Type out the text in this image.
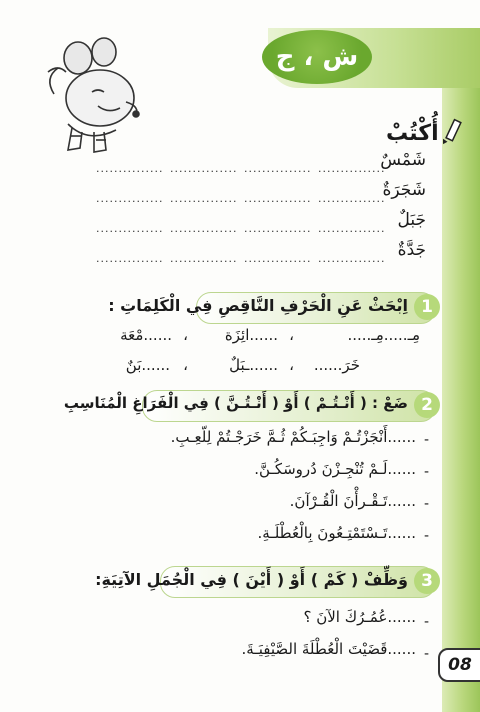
ش ، ج
أُكْتُبْ
شَمْسٌ
............... ............... ............... ...............
شَجَرَةٌ
............... ............... ............... ...............
جَبَلٌ
............... ............... ............... ...............
جَدَّةٌ
............... ............... ............... ...............
1
اِبْحَثْ عَنِ الْحَرْفِ النَّاقِصِ فِي الْكَلِمَاتِ :
مِـ.....مِـ.....
،
......ائِزَة
،
......مْعَة
خَرَ......
،
......ـبَلٌ
،
......بَنٌ
2
ضَعْ : ( أَنْـتُـمْ ) أَوْ ( أَنْـتُـنَّ ) فِي الْفَرَاغِ الْمُنَاسِبِ
-
......أَنْجَزْتُـمْ وَاجِبَـكُمْ ثُـمَّ خَرَجْـتُمْ لِلّعِـبِ.
-
......لَـمْ تُنْجِـزْنَ دُروسَكُـنَّ.
-
......تَـقْـرأْنَ الْقُـرْآنَ.
-
......تَـسْتَمْتِـعُونَ بِالْعُطْلَـةِ.
3
وَظِّفْ ( كَمْ ) أَوْ ( أَيْنَ ) فِي الْجُمَلِ الآتِيَةِ:
-
......عُمُـرُكَ الآنَ ؟
-
......قَضَيْتَ الْعُطْلَةَ الصَّيْفِيَـةَ.
08
